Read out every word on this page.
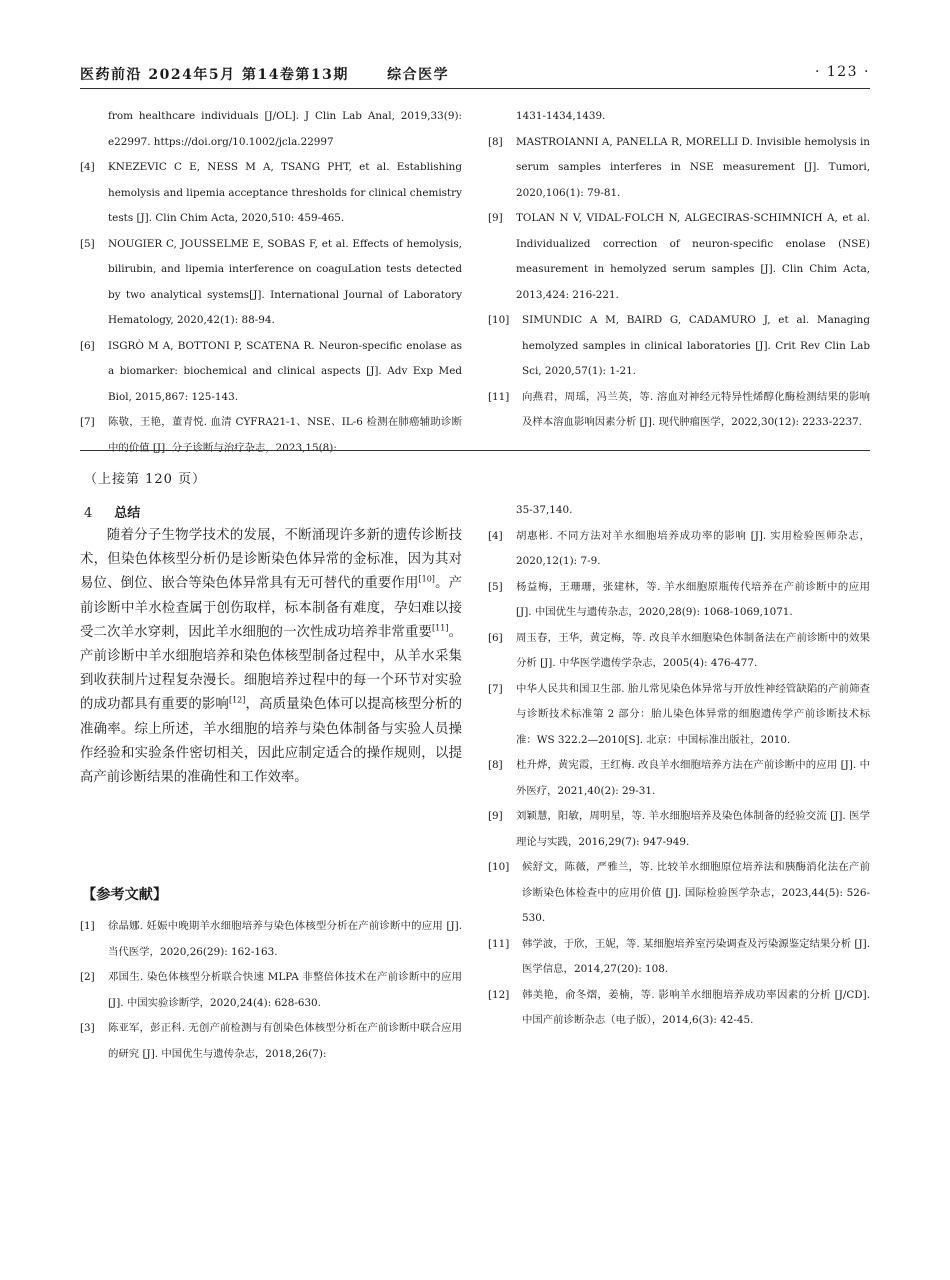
医药前沿 2024年5月 第14卷第13期      综合医学	· 123 ·
from healthcare individuals [J/OL]. J Clin Lab Anal, 2019,33(9): e22997. https://doi.org/10.1002/jcla.22997
[4] KNEZEVIC C E, NESS M A, TSANG PHT, et al. Establishing hemolysis and lipemia acceptance thresholds for clinical chemistry tests [J]. Clin Chim Acta, 2020,510: 459-465.
[5] NOUGIER C, JOUSSELME E, SOBAS F, et al. Effects of hemolysis, bilirubin, and lipemia interference on coaguLation tests detected by two analytical systems[J]. International Journal of Laboratory Hematology, 2020,42(1): 88-94.
[6] ISGRÒ M A, BOTTONI P, SCATENA R. Neuron-specific enolase as a biomarker: biochemical and clinical aspects [J]. Adv Exp Med Biol, 2015,867: 125-143.
[7] 陈敬，王艳，董青悦. 血清 CYFRA21-1、NSE、IL-6 检测在肺癌辅助诊断中的价值 [J]. 分子诊断与治疗杂志，2023,15(8):
1431-1434,1439.
[8] MASTROIANNI A, PANELLA R, MORELLI D. Invisible hemolysis in serum samples interferes in NSE measurement [J]. Tumori, 2020,106(1): 79-81.
[9] TOLAN N V, VIDAL-FOLCH N, ALGECIRAS-SCHIMNICH A, et al. Individualized correction of neuron-specific enolase (NSE) measurement in hemolyzed serum samples [J]. Clin Chim Acta, 2013,424: 216-221.
[10] SIMUNDIC A M, BAIRD G, CADAMURO J, et al. Managing hemolyzed samples in clinical laboratories [J]. Crit Rev Clin Lab Sci, 2020,57(1): 1-21.
[11] 向燕君，周瑶，冯兰英，等. 溶血对神经元特异性烯醇化酶检测结果的影响及样本溶血影响因素分析 [J]. 现代肿瘤医学，2022,30(12): 2233-2237.
（上接第 120 页）
4 总结
随着分子生物学技术的发展，不断涌现许多新的遗传诊断技术，但染色体核型分析仍是诊断染色体异常的金标准，因为其对易位、倒位、嵌合等染色体异常具有无可替代的重要作用[10]。产前诊断中羊水检查属于创伤取样，标本制备有难度，孕妇难以接受二次羊水穿刺，因此羊水细胞的一次性成功培养非常重要[11]。产前诊断中羊水细胞培养和染色体核型制备过程中，从羊水采集到收获制片过程复杂漫长。细胞培养过程中的每一个环节对实验的成功都具有重要的影响[12]，高质量染色体可以提高核型分析的准确率。综上所述，羊水细胞的培养与染色体制备与实验人员操作经验和实验条件密切相关，因此应制定适合的操作规则，以提高产前诊断结果的准确性和工作效率。
【参考文献】
[1] 徐晶娜. 妊娠中晚期羊水细胞培养与染色体核型分析在产前诊断中的应用 [J]. 当代医学，2020,26(29): 162-163.
[2] 邓国生. 染色体核型分析联合快速 MLPA 非整倍体技术在产前诊断中的应用 [J]. 中国实验诊断学，2020,24(4): 628-630.
[3] 陈亚军，彭正科. 无创产前检测与有创染色体核型分析在产前诊断中联合应用的研究 [J]. 中国优生与遗传杂志，2018,26(7):
35-37,140.
[4] 胡惠彬. 不同方法对羊水细胞培养成功率的影响 [J]. 实用检验医师杂志，2020,12(1): 7-9.
[5] 杨益梅，王珊珊，张建林，等. 羊水细胞原瓶传代培养在产前诊断中的应用 [J]. 中国优生与遗传杂志，2020,28(9): 1068-1069,1071.
[6] 周玉春，王华，黄定梅，等. 改良羊水细胞染色体制备法在产前诊断中的效果分析 [J]. 中华医学遗传学杂志，2005(4): 476-477.
[7] 中华人民共和国卫生部. 胎儿常见染色体异常与开放性神经管缺陷的产前筛查与诊断技术标准第 2 部分：胎儿染色体异常的细胞遗传学产前诊断技术标准：WS 322.2—2010[S]. 北京：中国标准出版社，2010.
[8] 杜升烨，黄宪霞，王红梅. 改良羊水细胞培养方法在产前诊断中的应用 [J]. 中外医疗，2021,40(2): 29-31.
[9] 刘颖慧，阳敏，周明星，等. 羊水细胞培养及染色体制备的经验交流 [J]. 医学理论与实践，2016,29(7): 947-949.
[10] 候舒文，陈薇，严雅兰，等. 比较羊水细胞原位培养法和胰酶消化法在产前诊断染色体检查中的应用价值 [J]. 国际检验医学杂志，2023,44(5): 526-530.
[11] 韩学波，于欣，王妮，等. 某细胞培养室污染调查及污染源鉴定结果分析 [J]. 医学信息，2014,27(20): 108.
[12] 韩美艳，俞冬熠，姜楠，等. 影响羊水细胞培养成功率因素的分析 [J/CD]. 中国产前诊断杂志（电子版），2014,6(3): 42-45.
